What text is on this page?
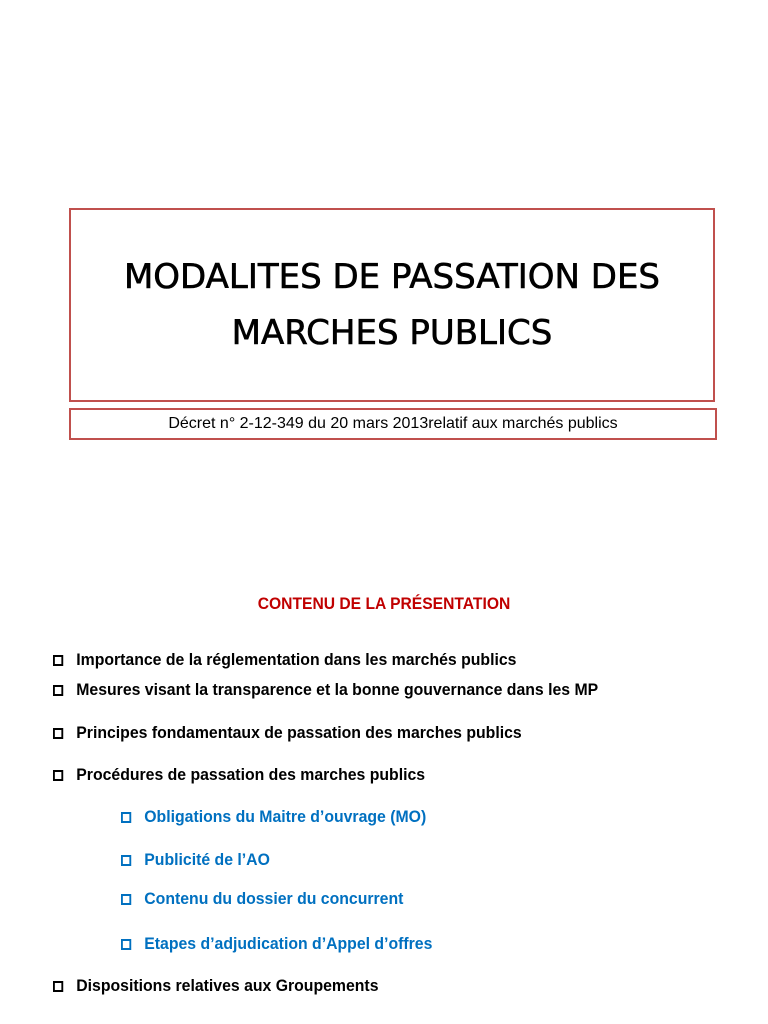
MODALITES DE PASSATION DES
MARCHES PUBLICS
Décret n° 2-12-349 du 20 mars 2013relatif aux marchés publics
CONTENU DE LA PRÉSENTATION
Importance de la réglementation dans les marchés publics
Mesures visant la transparence et la bonne gouvernance dans les MP
Principes fondamentaux de passation des marches publics
Procédures de passation des marches publics
Obligations du Maitre d’ouvrage (MO)
Publicité de l’AO
Contenu du dossier du concurrent
Etapes d’adjudication d’Appel d’offres
Dispositions relatives aux Groupements
